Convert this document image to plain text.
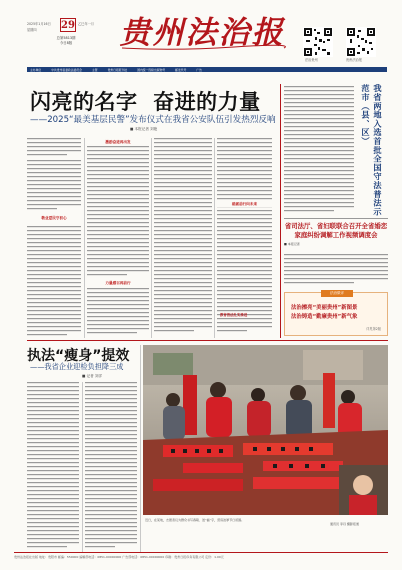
2025年1月16日
星期四
乙巳年一月
29
总第5813期
今日8版	贵州法治报
法治贵州	贵州法治报
主办单位	中共贵州省委政法委员会	主管	贵州日报报刊社	国内统一连续出版物号	邮发代号	广告
闪亮的名字  奋进的力量
——2025“最美基层民警”发布仪式在我省公安队伍引发热烈反响
■ 本报记者 刘艳
敬业爱民守初心
激励奋进再出发
力量感召再前行
砥砺前行向未来	我省两地入选首批全国守法普法示范市（县、区）
省司法厅、省妇联联合召开全省婚恋家庭纠纷调解工作视频调度会
■ 本报记者
法治微评
法治擦亮“美丽贵州”新图景
法治铸造“勤廉贵州”新气象
详见第2版
教育普法扎实推进
执法“瘦身”提效
——我省企业迎检负担降三成
■ 记者 刘洋
近日，在某地，志愿者们为群众书写春联、送“福”字，营造浓厚节日氛围。
通讯员 李丹 摄影报道
贵州法治报社出版 地址：贵阳市 邮编：550000 编辑部电话：0851-00000000 广告部电话：0851-00000000 印刷：贵州日报印务有限公司 定价：1.00元
